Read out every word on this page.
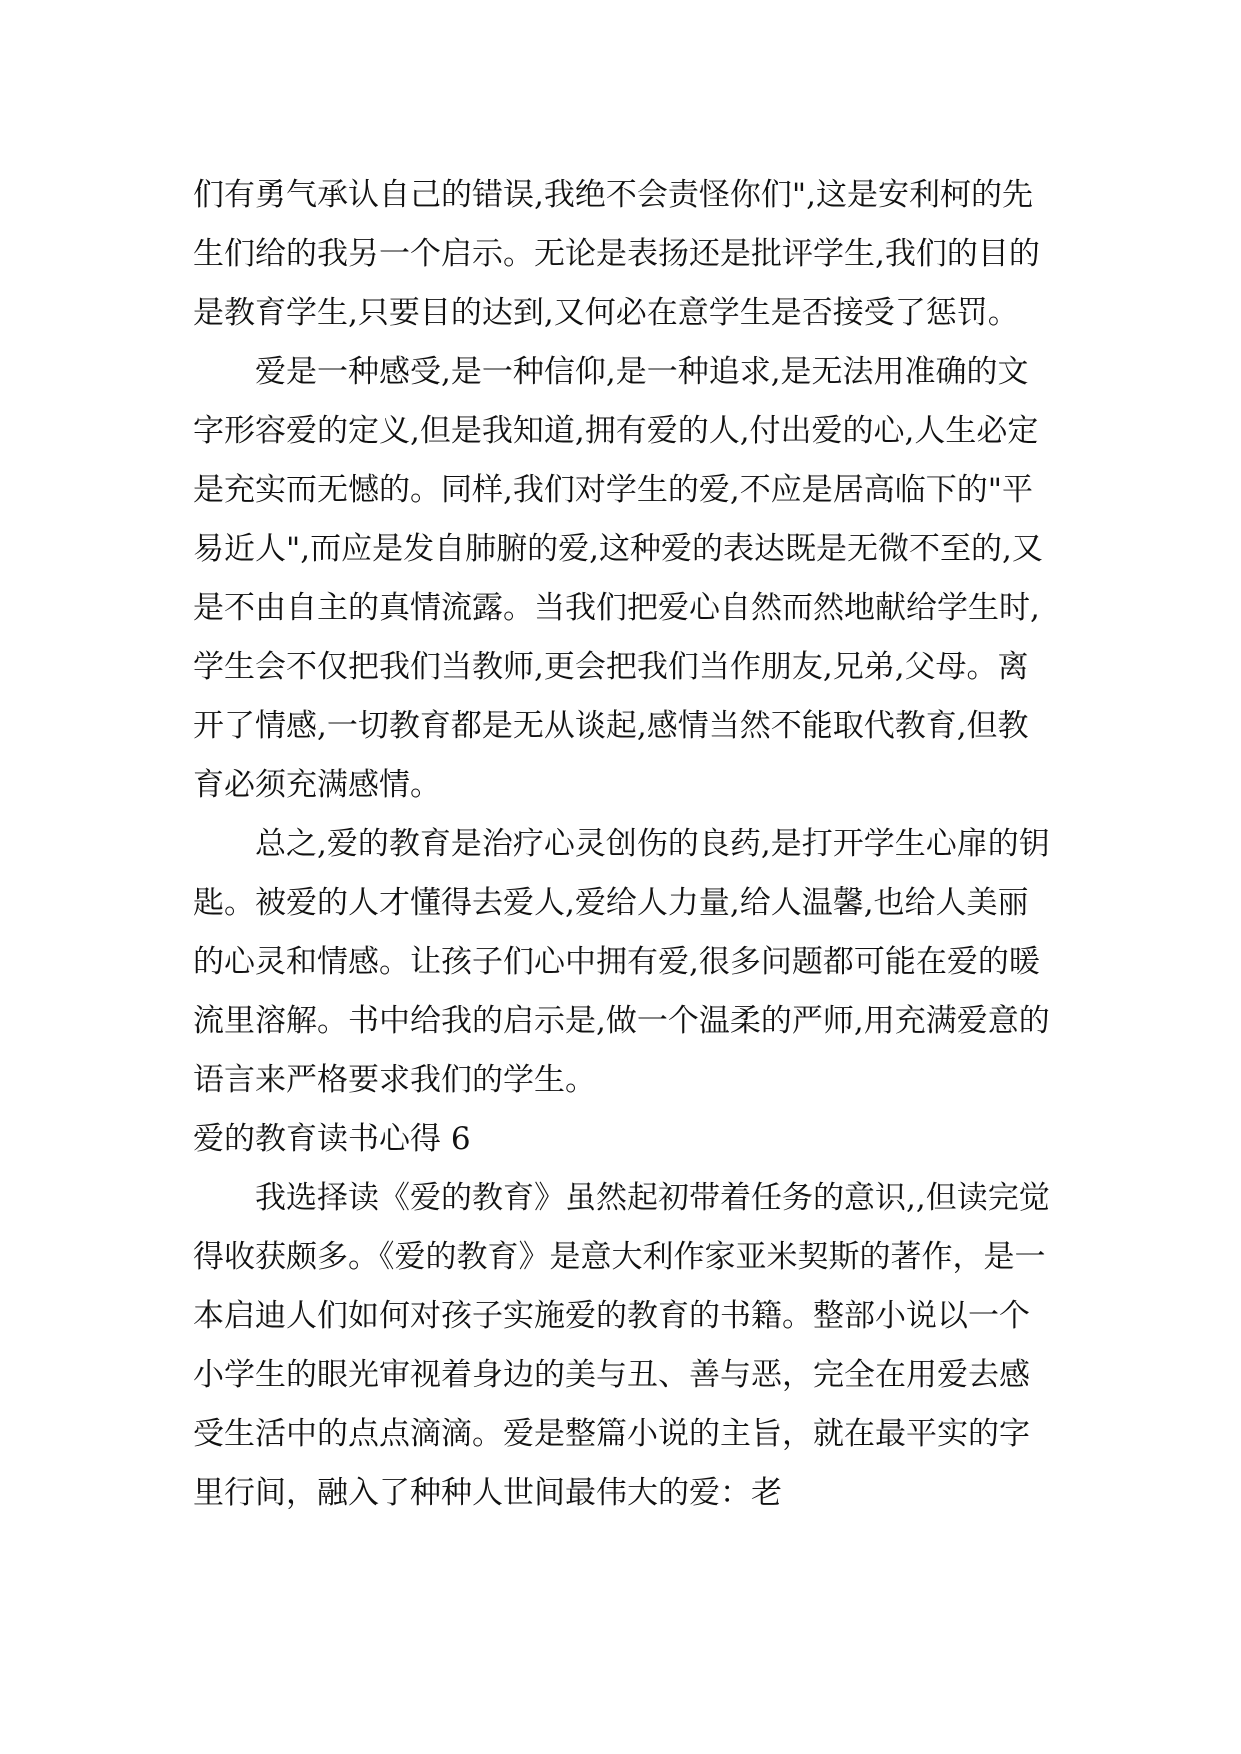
们有勇气承认自己的错误,我绝不会责怪你们",这是安利柯的先生们给的我另一个启示。无论是表扬还是批评学生,我们的目的是教育学生,只要目的达到,又何必在意学生是否接受了惩罚。

爱是一种感受,是一种信仰,是一种追求,是无法用准确的文字形容爱的定义,但是我知道,拥有爱的人,付出爱的心,人生必定是充实而无憾的。同样,我们对学生的爱,不应是居高临下的"平易近人",而应是发自肺腑的爱,这种爱的表达既是无微不至的,又是不由自主的真情流露。当我们把爱心自然而然地献给学生时,学生会不仅把我们当教师,更会把我们当作朋友,兄弟,父母。离开了情感,一切教育都是无从谈起,感情当然不能取代教育,但教育必须充满感情。

总之,爱的教育是治疗心灵创伤的良药,是打开学生心扉的钥匙。被爱的人才懂得去爱人,爱给人力量,给人温馨,也给人美丽的心灵和情感。让孩子们心中拥有爱,很多问题都可能在爱的暖流里溶解。书中给我的启示是,做一个温柔的严师,用充满爱意的语言来严格要求我们的学生。

爱的教育读书心得 6

我选择读《爱的教育》虽然起初带着任务的意识,,但读完觉得收获颇多。《爱的教育》是意大利作家亚米契斯的著作，是一本启迪人们如何对孩子实施爱的教育的书籍。整部小说以一个小学生的眼光审视着身边的美与丑、善与恶，完全在用爱去感受生活中的点点滴滴。爱是整篇小说的主旨，就在最平实的字里行间，融入了种种人世间最伟大的爱：老
